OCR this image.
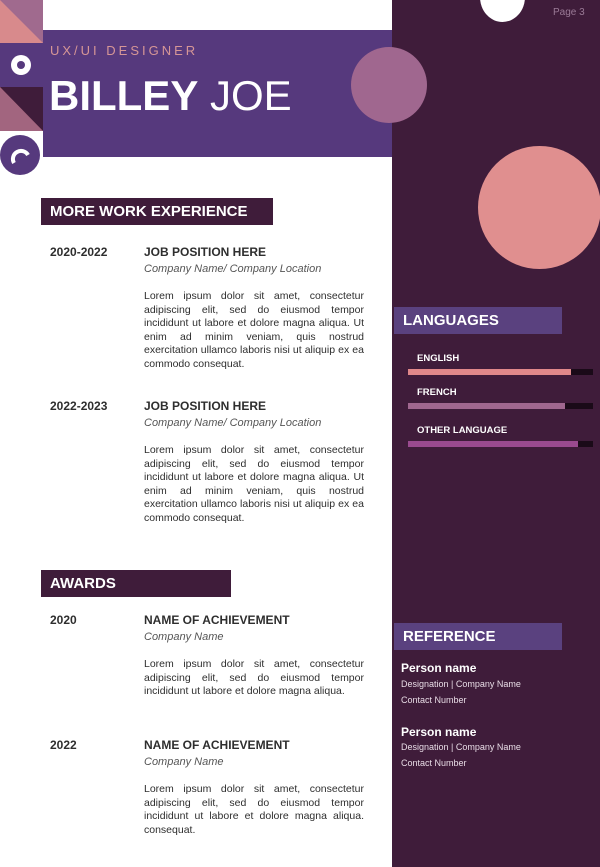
Page 3
UX/UI DESIGNER
BILLEY JOE
MORE WORK EXPERIENCE
2020-2022	JOB POSITION HERE
Company Name/ Company Location
Lorem ipsum dolor sit amet, consectetur adipiscing elit, sed do eiusmod tempor incididunt ut labore et dolore magna aliqua. Ut enim ad minim veniam, quis nostrud exercitation ullamco laboris nisi ut aliquip ex ea commodo consequat.
2022-2023	JOB POSITION HERE
Company Name/ Company Location
Lorem ipsum dolor sit amet, consectetur adipiscing elit, sed do eiusmod tempor incididunt ut labore et dolore magna aliqua. Ut enim ad minim veniam, quis nostrud exercitation ullamco laboris nisi ut aliquip ex ea commodo consequat.
AWARDS
2020	NAME OF ACHIEVEMENT
Company Name
Lorem ipsum dolor sit amet, consectetur adipiscing elit, sed do eiusmod tempor incididunt ut labore et dolore magna aliqua.
2022	NAME OF ACHIEVEMENT
Company Name
Lorem ipsum dolor sit amet, consectetur adipiscing elit, sed do eiusmod tempor incididunt ut labore et dolore magna aliqua. consequat.
LANGUAGES
ENGLISH
FRENCH
OTHER LANGUAGE
REFERENCE
Person name
Designation | Company Name
Contact Number
Person name
Designation | Company Name
Contact Number
